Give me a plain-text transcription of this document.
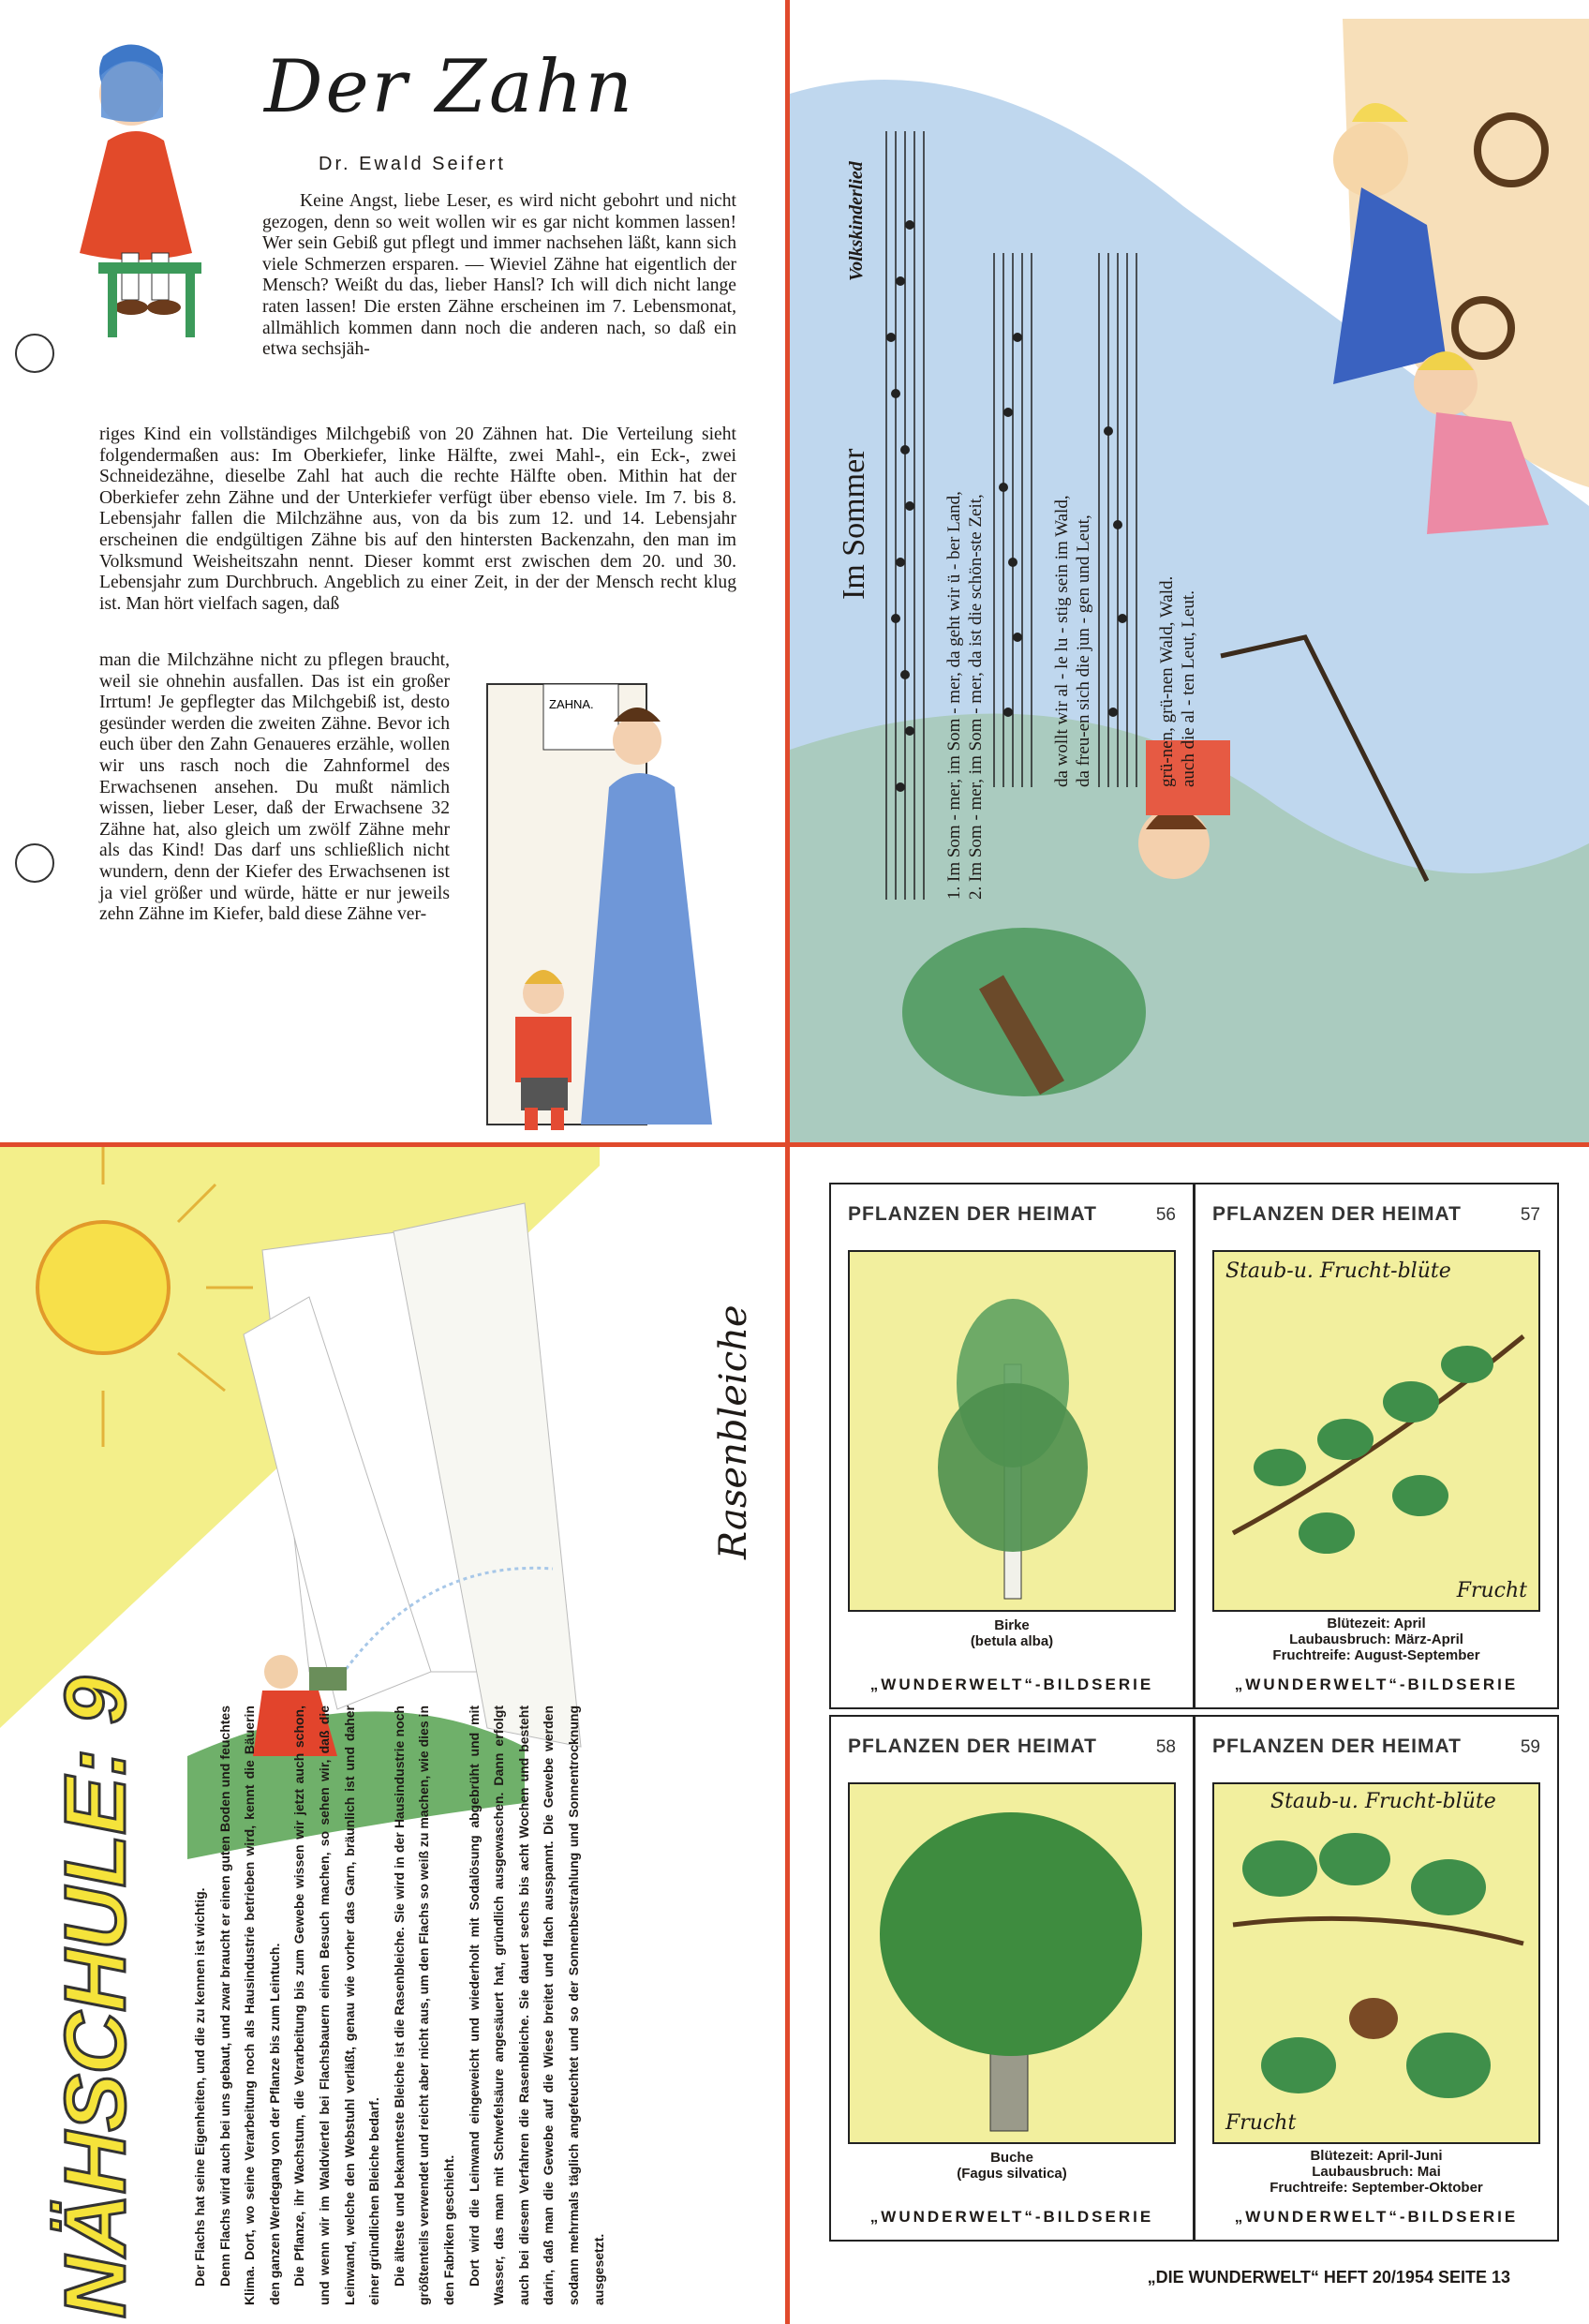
Der Zahn
Dr. Ewald Seifert

Keine Angst, liebe Leser, es wird nicht gebohrt und nicht gezogen, denn so weit wollen wir es gar nicht kommen lassen! Wer sein Gebiß gut pflegt und immer nachsehen läßt, kann sich viele Schmerzen ersparen. — Wieviel Zähne hat eigentlich der Mensch? Weißt du das, lieber Hansl? Ich will dich nicht lange raten lassen! Die ersten Zähne erscheinen im 7. Lebensmonat, allmählich kommen dann noch die anderen nach, so daß ein etwa sechsjäh-

riges Kind ein vollständiges Milchgebiß von 20 Zähnen hat. Die Verteilung sieht folgendermaßen aus: Im Oberkiefer, linke Hälfte, zwei Mahl-, ein Eck-, zwei Schneidezähne, dieselbe Zahl hat auch die rechte Hälfte oben. Mithin hat der Oberkiefer zehn Zähne und der Unterkiefer verfügt über ebenso viele. Im 7. bis 8. Lebensjahr fallen die Milchzähne aus, von da bis zum 12. und 14. Lebensjahr erscheinen die endgültigen Zähne bis auf den hintersten Backenzahn, den man im Volksmund Weisheitszahn nennt. Dieser kommt erst zwischen dem 20. und 30. Lebensjahr zum Durchbruch. Angeblich zu einer Zeit, in der der Mensch recht klug ist. Man hört vielfach sagen, daß

man die Milchzähne nicht zu pflegen braucht, weil sie ohnehin ausfallen. Das ist ein großer Irrtum! Je gepflegter das Milchgebiß ist, desto gesünder werden die zweiten Zähne. Bevor ich euch über den Zahn Genaueres erzähle, wollen wir uns rasch noch die Zahnformel des Erwachsenen ansehen. Du mußt nämlich wissen, lieber Leser, daß der Erwachsene 32 Zähne hat, also gleich um zwölf Zähne mehr als das Kind! Das darf uns schließlich nicht wundern, denn der Kiefer des Erwachsenen ist ja viel größer und würde, hätte er nur jeweils zehn Zähne im Kiefer, bald diese Zähne ver-

ZAHNA.
Im Sommer
Volkskinderlied
1. Im Som - mer, im Som - mer, da geht wir ü - ber Land, 2. Im Som - mer, im Som - mer, da ist die schön-ste Zeit,	da wollt wir al - le lu - stig sein im Wald, da freu-en sich die jun - gen und Leut,	grü-nen, grü-nen Wald, Wald. auch die al - ten Leut, Leut.
NÄHSCHULE: 9
Rasenbleiche

Der Flachs hat seine Eigenheiten, und die zu kennen ist wichtig. Denn Flachs wird auch bei uns gebaut, und zwar braucht er einen guten Boden und feuchtes Klima. Dort, wo seine Verarbeitung noch als Hausindustrie betrieben wird, kennt die Bäuerin den ganzen Werdegang von der Pflanze bis zum Leintuch. Die Pflanze, ihr Wachstum, die Verarbeitung bis zum Gewebe wissen wir jetzt auch schon, und wenn wir im Waldviertel bei Flachsbauern einen Besuch machen, so sehen wir, daß die Leinwand, welche den Webstuhl verläßt, genau wie vorher das Garn, bräunlich ist und daher einer gründlichen Bleiche bedarf. Die älteste und bekannteste Bleiche ist die Rasenbleiche. Sie wird in der Hausindustrie noch größtenteils verwendet und reicht aber nicht aus, um den Flachs so weiß zu machen, wie dies in den Fabriken geschieht. Dort wird die Leinwand eingeweicht und wiederholt mit Sodalösung abgebrüht und mit Wasser, das man mit Schwefelsäure angesäuert hat, gründlich ausgewaschen. Dann erfolgt auch bei diesem Verfahren die Rasenbleiche. Sie dauert sechs bis acht Wochen und besteht darin, daß man die Gewebe auf die Wiese breitet und flach ausspannt. Die Gewebe werden sodann mehrmals täglich angefeuchtet und so der Sonnenbestrahlung und Sonnentrocknung ausgesetzt.

PFLANZEN DER HEIMAT	56
Birke
(betula alba)
„WUNDERWELT“-BILDSERIE
PFLANZEN DER HEIMAT	57
Staub-u. Frucht-blüte
Frucht
Blütezeit: April
Laubausbruch: März-April
Fruchtreife: August-September
„WUNDERWELT“-BILDSERIE
PFLANZEN DER HEIMAT	58
Buche
(Fagus silvatica)
„WUNDERWELT“-BILDSERIE
PFLANZEN DER HEIMAT	59
Staub-u. Frucht-blüte
Frucht
Blütezeit: April-Juni
Laubausbruch: Mai
Fruchtreife: September-Oktober
„WUNDERWELT“-BILDSERIE
„DIE WUNDERWELT“ HEFT 20/1954 SEITE 13
